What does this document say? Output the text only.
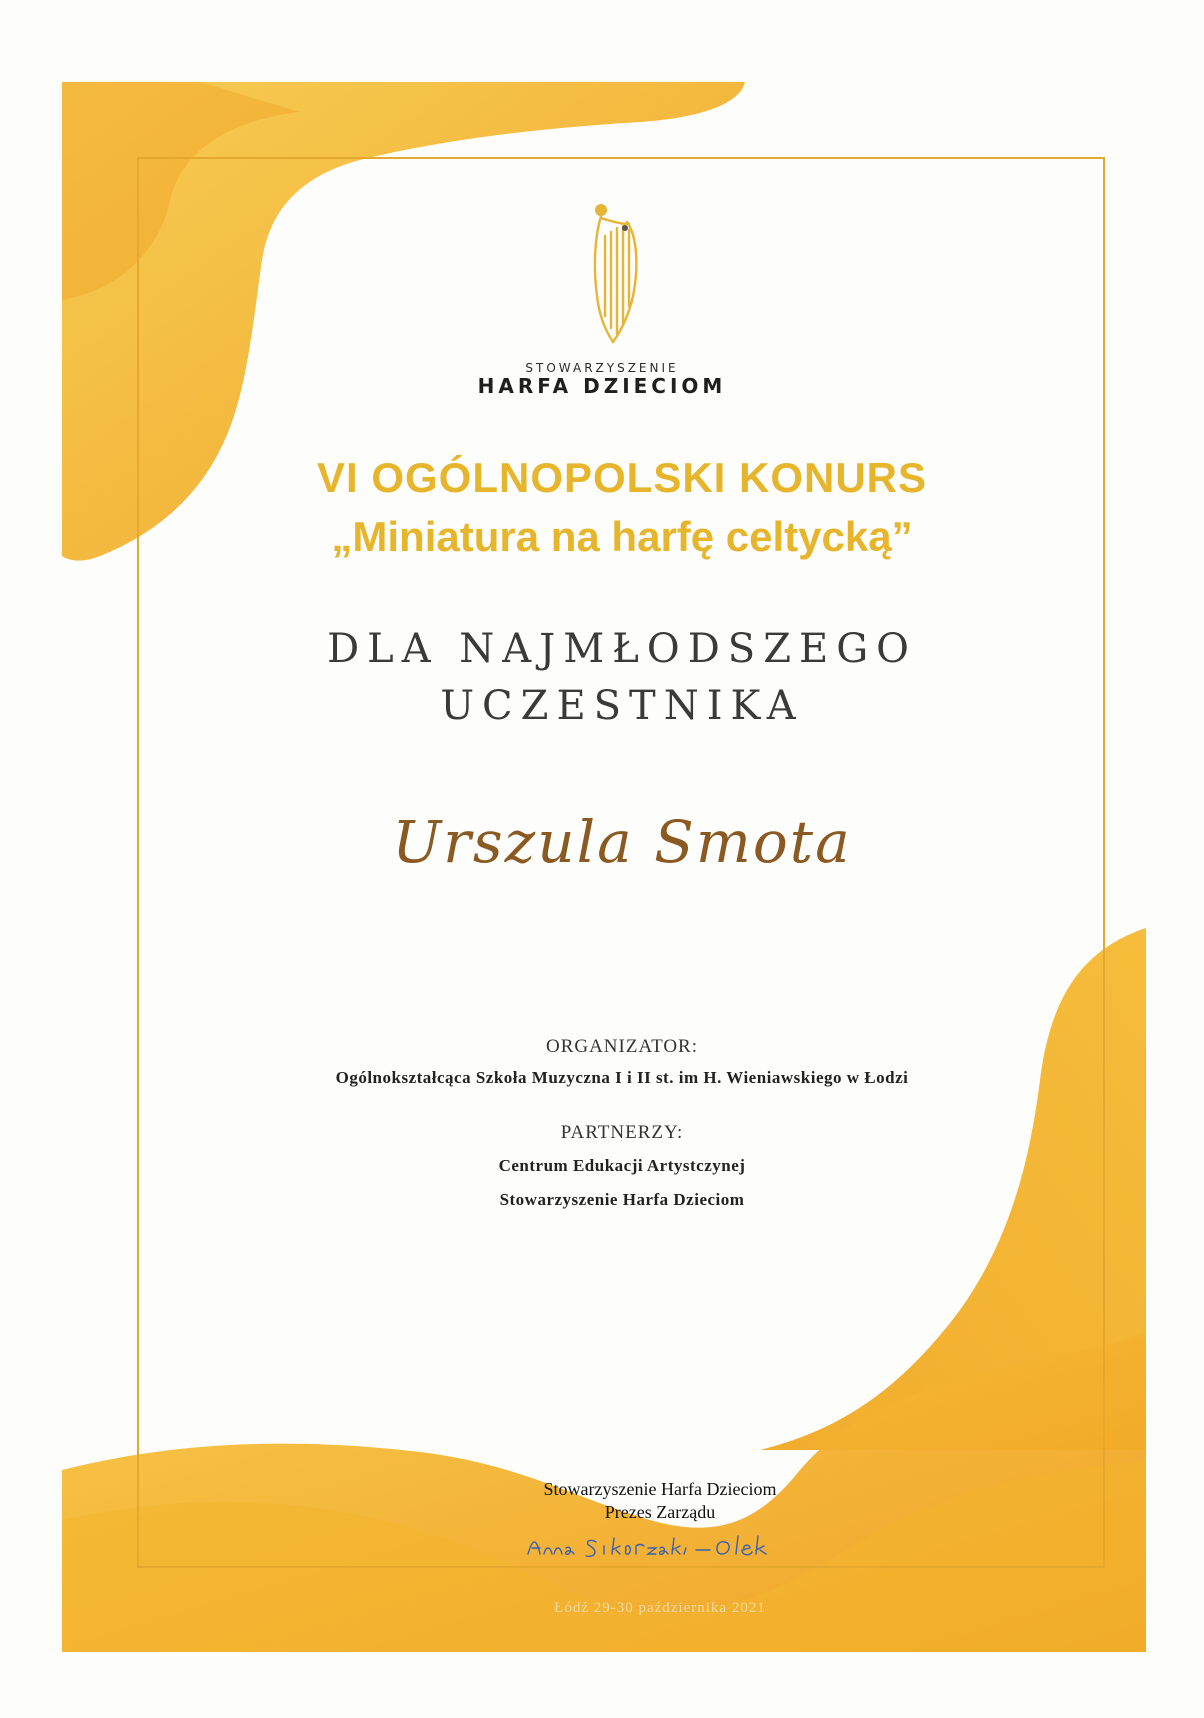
STOWARZYSZENIE
HARFA DZIECIOM
VI OGÓLNOPOLSKI KONURS
„Miniatura na harfę celtycką”
DLA NAJMŁODSZEGO
UCZESTNIKA
Urszula Smota
ORGANIZATOR:
Ogólnokształcąca Szkoła Muzyczna I i II st. im H. Wieniawskiego w Łodzi
PARTNERZY:
Centrum Edukacji Artystczynej
Stowarzyszenie Harfa Dzieciom
Stowarzyszenie Harfa Dzieciom
Prezes Zarządu
Łódź 29-30 października 2021
